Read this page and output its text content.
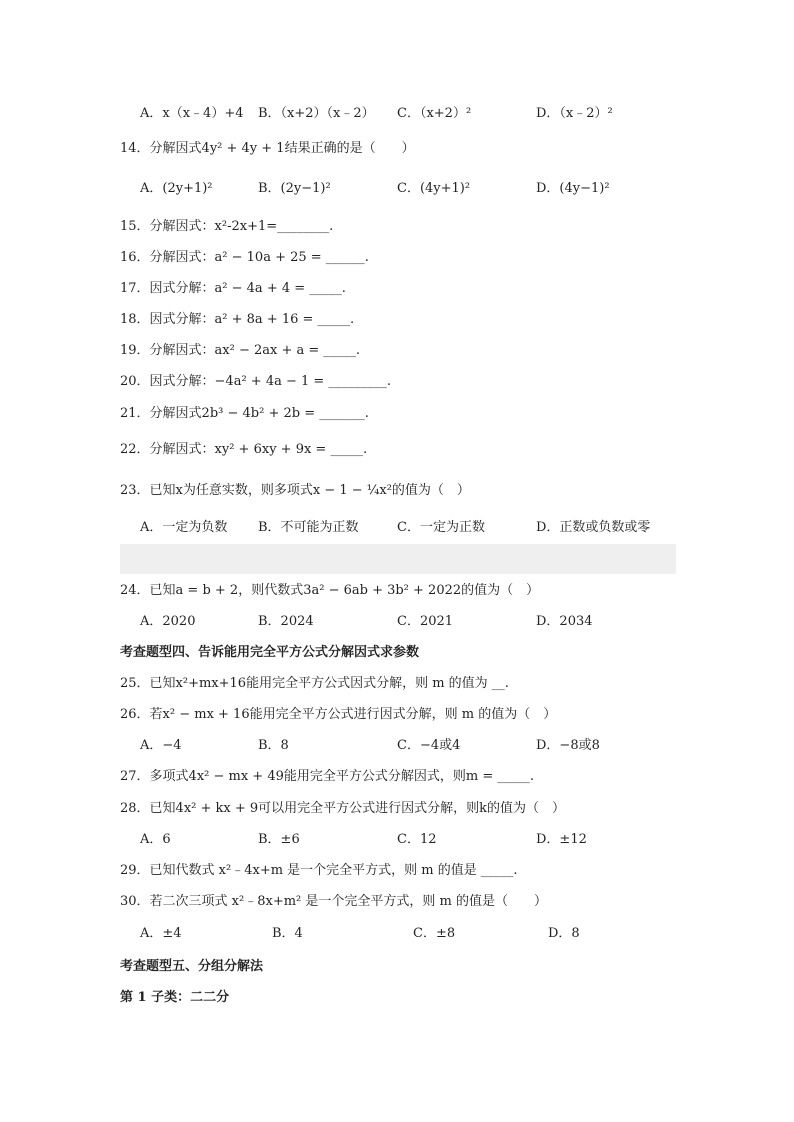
A．x（x﹣4）+4 B．（x+2）（x﹣2） C．（x+2）²	D．（x﹣2）²
14．分解因式4y² + 4y + 1结果正确的是（　　）
A．(2y+1)²	B．(2y−1)²	C．(4y+1)²	D．(4y−1)²
15．分解因式：x²-2x+1=________.
16．分解因式：a² − 10a + 25 = ______.
17．因式分解：a² − 4a + 4 = _____.
18．因式分解：a² + 8a + 16 = _____.
19．分解因式：ax² − 2ax + a = _____.
20．因式分解：−4a² + 4a − 1 = _________.
21．分解因式2b³ − 4b² + 2b = _______.
22．分解因式：xy² + 6xy + 9x = _____.
23．已知x为任意实数，则多项式x − 1 − ¼x²的值为（　）
A．一定为负数 B．不可能为正数	C．一定为正数	D．正数或负数或零
24．已知a = b + 2，则代数式3a² − 6ab + 3b² + 2022的值为（　）
A．2020	B．2024	C．2021	D．2034
考查题型四、告诉能用完全平方公式分解因式求参数
25．已知x²+mx+16能用完全平方公式因式分解，则 m 的值为 __.
26．若x² − mx + 16能用完全平方公式进行因式分解，则 m 的值为（　）
A．−4	B．8	C．−4或4	D．−8或8
27．多项式4x² − mx + 49能用完全平方公式分解因式，则m = _____.
28．已知4x² + kx + 9可以用完全平方公式进行因式分解，则k的值为（　）
A．6	B．±6	C．12	D．±12
29．已知代数式 x²﹣4x+m 是一个完全平方式，则 m 的值是 _____.
30．若二次三项式 x²﹣8x+m² 是一个完全平方式，则 m 的值是（　　）
A．±4	B．4	C．±8	D．8
考查题型五、分组分解法
第 1 子类：二二分
